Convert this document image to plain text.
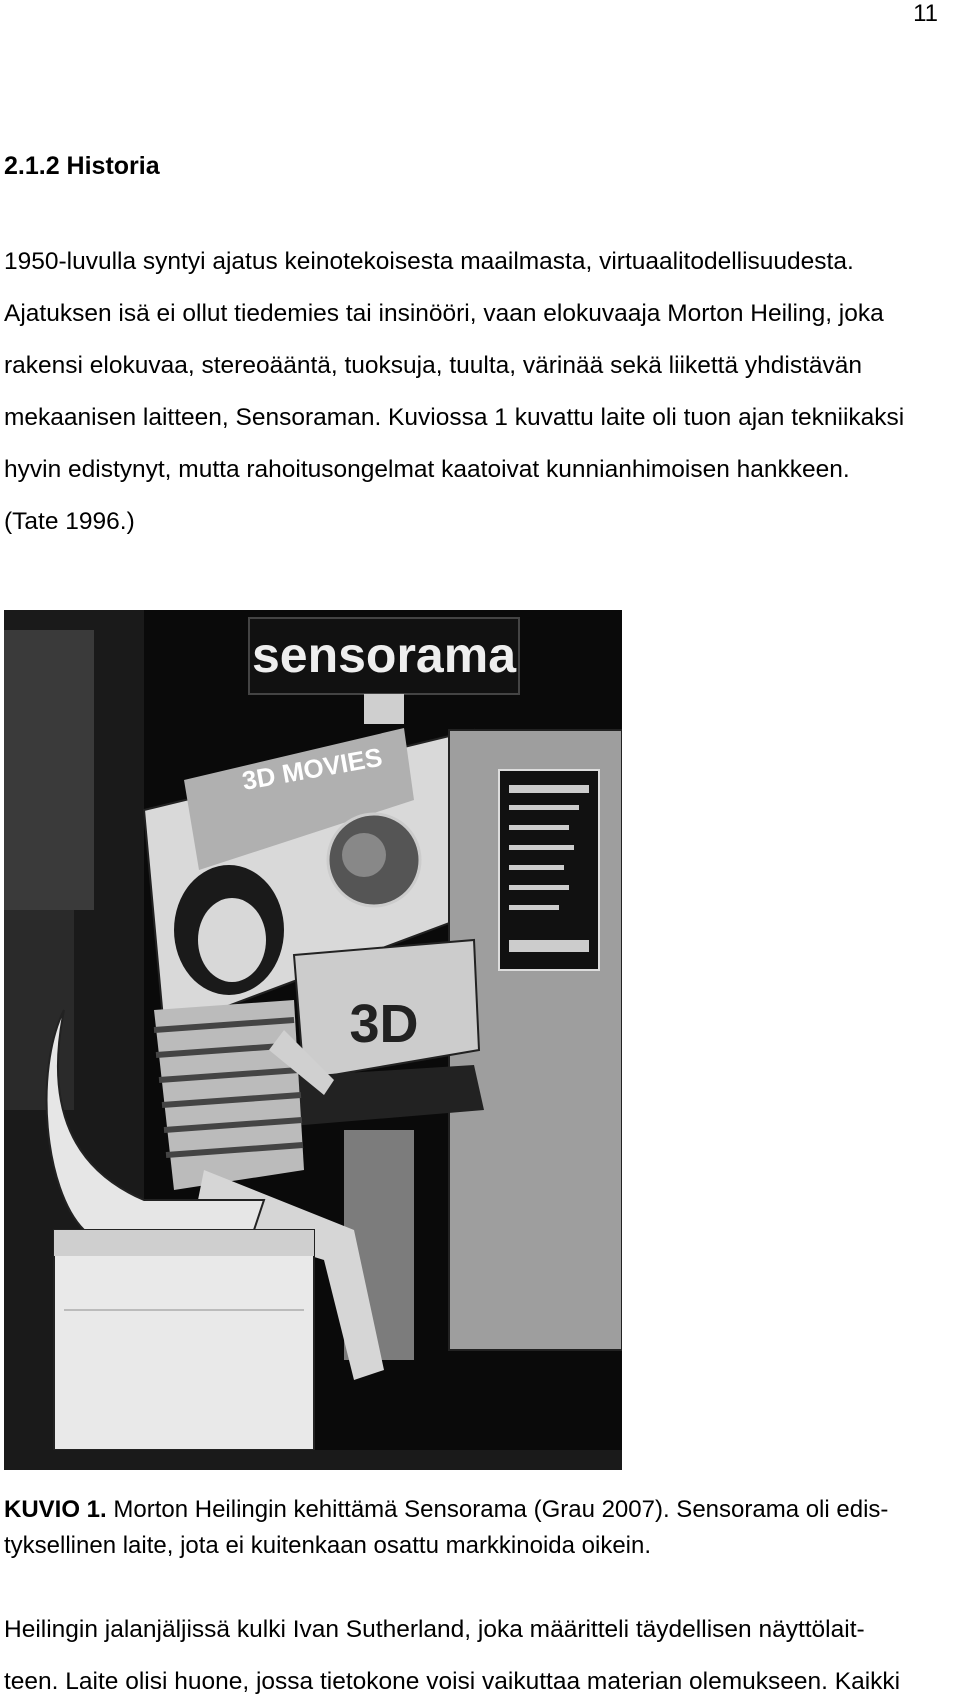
11
2.1.2 Historia

1950-luvulla syntyi ajatus keinotekoisesta maailmasta, virtuaalitodellisuudesta.
Ajatuksen isä ei ollut tiedemies tai insinööri, vaan elokuvaaja Morton Heiling, joka
rakensi elokuvaa, stereoääntä, tuoksuja, tuulta, värinää sekä liikettä yhdistävän
mekaanisen laitteen, Sensoraman. Kuviossa 1 kuvattu laite oli tuon ajan tekniikaksi
hyvin edistynyt, mutta rahoitusongelmat kaatoivat kunnianhimoisen hankkeen.
(Tate 1996.)

sensorama
3D MOVIES
3D

KUVIO 1. Morton Heilingin kehittämä Sensorama (Grau 2007). Sensorama oli edis-
tyksellinen laite, jota ei kuitenkaan osattu markkinoida oikein.

Heilingin jalanjäljissä kulki Ivan Sutherland, joka määritteli täydellisen näyttölait-
teen. Laite olisi huone, jossa tietokone voisi vaikuttaa materian olemukseen. Kaikki
